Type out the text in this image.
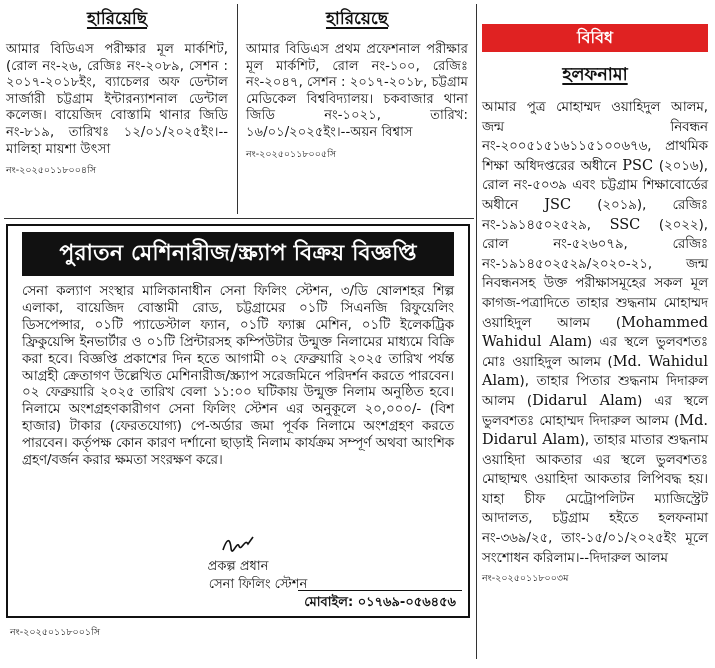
হারিয়েছি
আমার বিডিএস পরীক্ষার মূল মার্কশিট, (রোল নং-২৬, রেজিঃ নং-২০৮৯, সেশন : ২০১৭-২০১৮ইং, ব্যাচেলর অফ ডেন্টাল সার্জারী চট্টগ্রাম ইন্টারন্যাশনাল ডেন্টাল কলেজ। বায়েজিদ বোস্তামি থানার জিডি নং-৮১৯, তারিখঃ ১২/০১/২০২৫ইং।--মালিহা মায়শা উৎসা
নং-২০২৫০১১৮০০৪সি
হারিয়েছে
আমার বিডিএস প্রথম প্রফেশনাল পরীক্ষার মূল মার্কশিট, রোল নং-১০০, রেজিঃ নং-২০৪৭, সেশন : ২০১৭-২০১৮, চট্টগ্রাম মেডিকেল বিশ্ববিদ্যালয়। চকবাজার থানা জিডি নং-১০২১, তারিখ: ১৬/০১/২০২৫ইং।--অয়ন বিশ্বাস
নং-২০২৫০১১৮০০৫সি
পুরাতন মেশিনারীজ/স্ক্র্যাপ বিক্রয় বিজ্ঞপ্তি
সেনা কল্যাণ সংস্থার মালিকানাধীন সেনা ফিলিং স্টেশন, ৩/ডি ষোলশহর শিল্প এলাকা, বায়েজিদ বোস্তামী রোড, চট্টগ্রামের ০১টি সিএনজি রিফুয়েলিং ডিসপেন্সার, ০১টি প্যাডেস্টাল ফ্যান, ০১টি ফ্যাক্স মেশিন, ০১টি ইলেকট্রিক ফ্রিকুয়েন্সি ইনভার্টার ও ০১টি প্রিন্টারসহ কম্পিউটার উন্মুক্ত নিলামের মাধ্যমে বিক্রি করা হবে। বিজ্ঞপ্তি প্রকাশের দিন হতে আগামী ০২ ফেব্রুয়ারি ২০২৫ তারিখ পর্যন্ত আগ্রহী ক্রেতাগণ উল্লেখিত মেশিনারীজ/স্ক্র্যাপ সরেজমিনে পরিদর্শন করতে পারবেন। ০২ ফেব্রুয়ারি ২০২৫ তারিখ বেলা ১১:০০ ঘটিকায় উন্মুক্ত নিলাম অনুষ্ঠিত হবে। নিলামে অংশগ্রহণকারীগণ সেনা ফিলিং স্টেশন এর অনুকূলে ২০,০০০/- (বিশ হাজার) টাকার (ফেরতযোগ্য) পে-অর্ডার জমা পূর্বক নিলামে অংশগ্রহণ করতে পারবেন। কর্তৃপক্ষ কোন কারণ দর্শানো ছাড়াই নিলাম কার্যক্রম সম্পূর্ণ অথবা আংশিক গ্রহণ/বর্জন করার ক্ষমতা সংরক্ষণ করে।
প্রকল্প প্রধান
সেনা ফিলিং স্টেশন
মোবাইল: ০১৭৬৯-০৫৬৪৫৬
নং-২০২৫০১১৮০০১সি
বিবিধ
হলফনামা
আমার পুত্র মোহাম্মদ ওয়াহিদুল আলম, জন্ম নিবন্ধন নং-২০০৫১৫১৬১১৫১০০৬৭৬, প্রাথমিক শিক্ষা অধিদপ্তরের অধীনে PSC (২০১৬), রোল নং-৫০৩৯ এবং চট্টগ্রাম শিক্ষাবোর্ডের অধীনে JSC (২০১৯), রেজিঃ নং-১৯১৪৫০২৫২৯, SSC (২০২২), রোল নং-৫২৬০৭৯, রেজিঃ নং-১৯১৪৫০২৫২৯/২০২০-২১, জন্ম নিবন্ধনসহ উক্ত পরীক্ষাসমূহের সকল মূল কাগজ-পত্রাদিতে তাহার শুদ্ধনাম মোহাম্মদ ওয়াহিদুল আলম (Mohammed Wahidul Alam) এর স্থলে ভুলবশতঃ মোঃ ওয়াহিদুল আলম (Md. Wahidul Alam), তাহার পিতার শুদ্ধনাম দিদারুল আলম (Didarul Alam) এর স্থলে ভুলবশতঃ মোহাম্মদ দিদারুল আলম (Md. Didarul Alam), তাহার মাতার শুদ্ধনাম ওয়াহিদা আকতার এর স্থলে ভুলবশতঃ মোছাম্মৎ ওয়াহিদা আকতার লিপিবদ্ধ হয়। যাহা চীফ মেট্রোপলিটন ম্যাজিস্ট্রেট আদালত, চট্টগ্রাম হইতে হলফনামা নং-৩৬৯/২৫, তাং-১৫/০১/২০২৫ইং মূলে সংশোধন করিলাম।--দিদারুল আলম
নং-২০২৫০১১৮০০৩ম
